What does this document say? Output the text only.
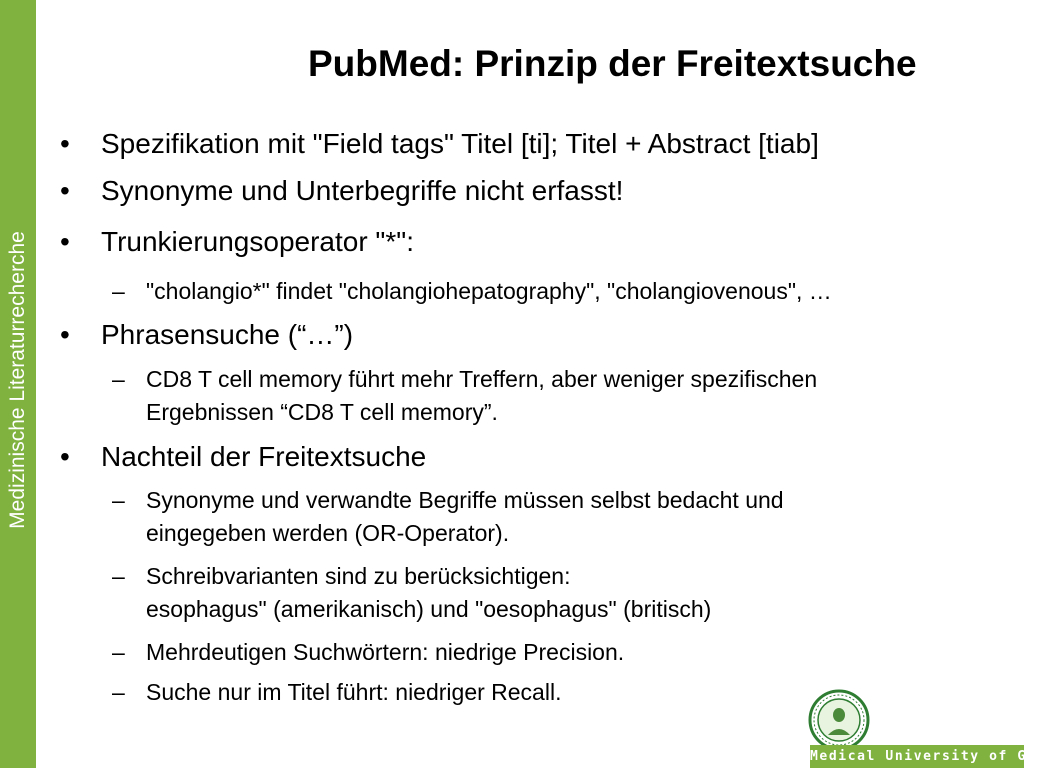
Medizinische Literaturrecherche
PubMed: Prinzip der Freitextsuche
• Spezifikation mit "Field tags" Titel [ti]; Titel + Abstract [tiab]
• Synonyme und Unterbegriffe nicht erfasst!
• Trunkierungsoperator "*":
– "cholangio*" findet "cholangiohepatography", "cholangiovenous", …
• Phrasensuche (“…”)
– CD8 T cell memory führt mehr Treffern, aber weniger spezifischen
Ergebnissen “CD8 T cell memory”.
• Nachteil der Freitextsuche
– Synonyme und verwandte Begriffe müssen selbst bedacht und
eingegeben werden (OR-Operator).
– Schreibvarianten sind zu berücksichtigen:
esophagus" (amerikanisch) und "oesophagus" (britisch)
– Mehrdeutigen Suchwörtern: niedrige Precision.
– Suche nur im Titel führt: niedriger Recall.
Medical University of Graz
